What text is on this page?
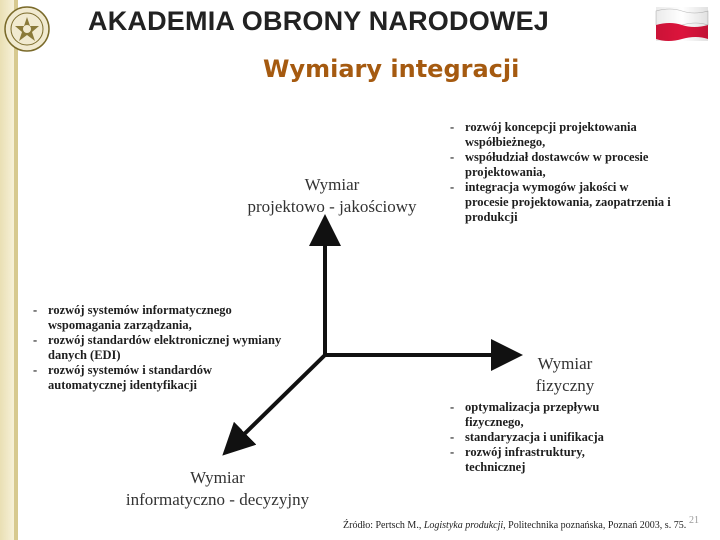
AKADEMIA OBRONY NARODOWEJ
Wymiary integracji
Wymiar
projektowo - jakościowy
Wymiar
fizyczny
Wymiar
informatyczno - decyzyjny
- rozwój koncepcji projektowania współbieżnego,
- współudział dostawców w procesie projektowania,
- integracja wymogów jakości w procesie projektowania, zaopatrzenia i produkcji
- rozwój systemów informatycznego wspomagania zarządzania,
- rozwój standardów elektronicznej wymiany danych (EDI)
- rozwój systemów i standardów automatycznej identyfikacji
- optymalizacja przepływu fizycznego,
- standaryzacja i unifikacja
- rozwój infrastruktury, technicznej
Źródło: Pertsch M., Logistyka produkcji, Politechnika poznańska, Poznań 2003, s. 75. 21
